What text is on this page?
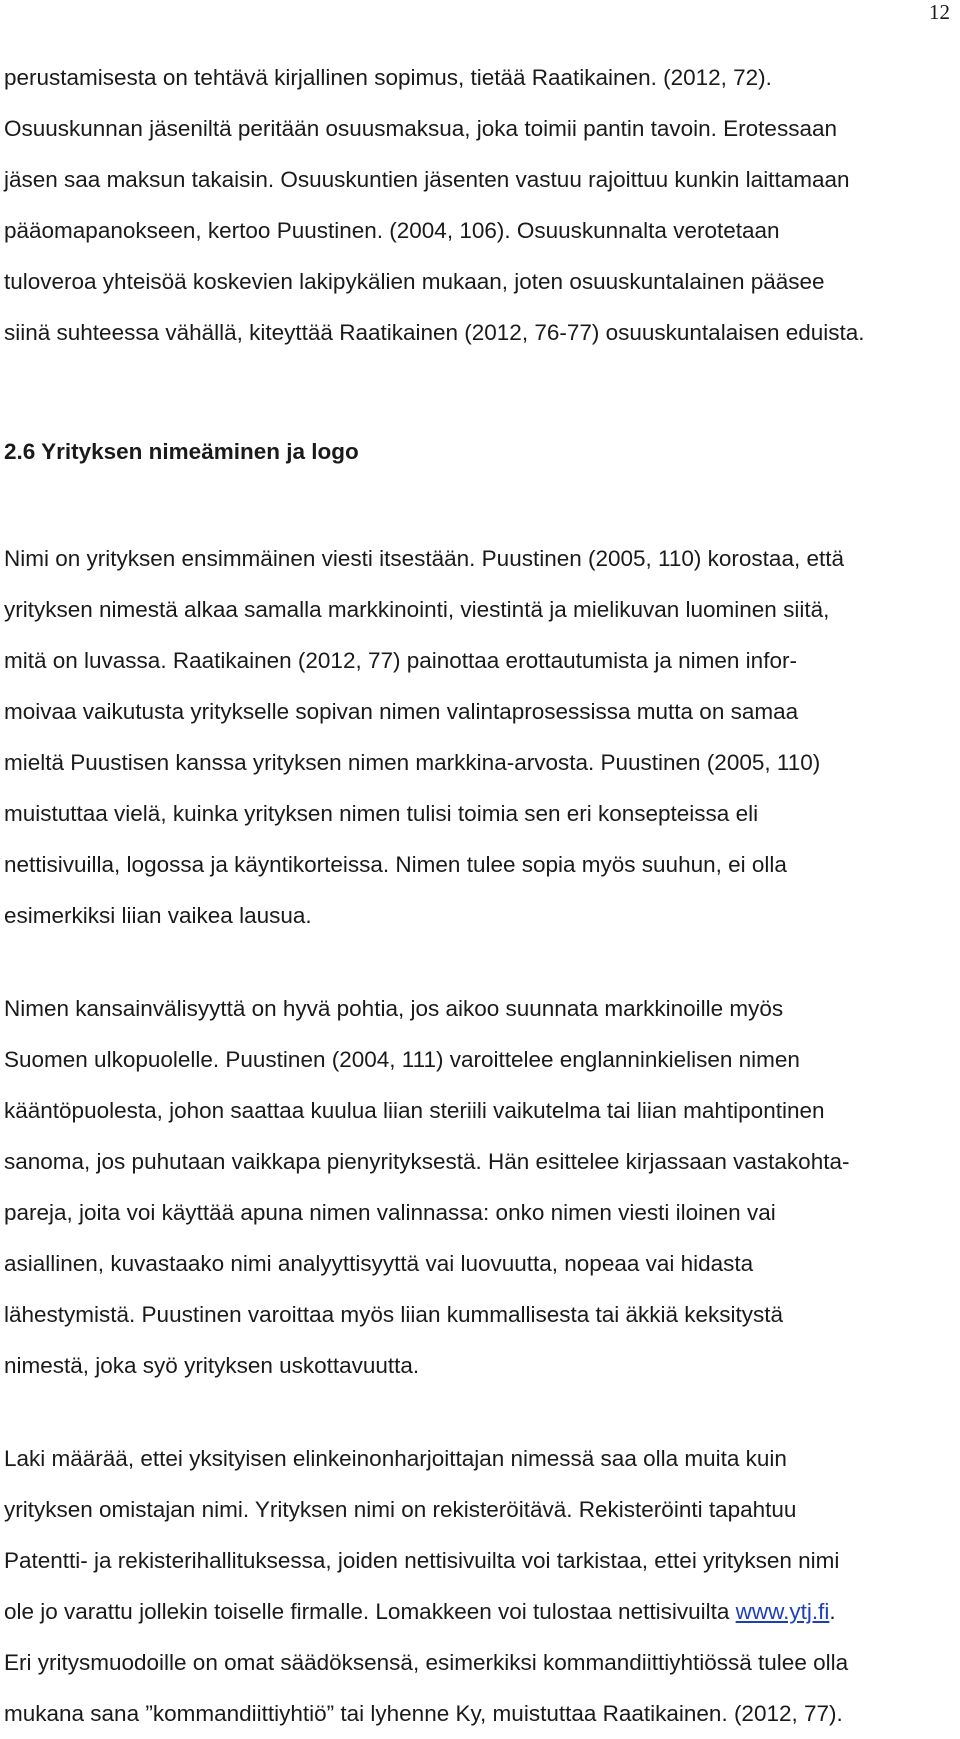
12

perustamisesta on tehtävä kirjallinen sopimus, tietää Raatikainen. (2012, 72).
Osuuskunnan jäseniltä peritään osuusmaksua, joka toimii pantin tavoin. Erotessaan
jäsen saa maksun takaisin. Osuuskuntien jäsenten vastuu rajoittuu kunkin laittamaan
pääomapanokseen, kertoo Puustinen. (2004, 106). Osuuskunnalta verotetaan
tuloveroa yhteisöä koskevien lakipykälien mukaan, joten osuuskuntalainen pääsee
siinä suhteessa vähällä, kiteyttää Raatikainen (2012, 76-77) osuuskuntalaisen eduista.

2.6 Yrityksen nimeäminen ja logo

Nimi on yrityksen ensimmäinen viesti itsestään. Puustinen (2005, 110) korostaa, että
yrityksen nimestä alkaa samalla markkinointi, viestintä ja mielikuvan luominen siitä,
mitä on luvassa. Raatikainen (2012, 77) painottaa erottautumista ja nimen infor-
moivaa vaikutusta yritykselle sopivan nimen valintaprosessissa mutta on samaa
mieltä Puustisen kanssa yrityksen nimen markkina-arvosta. Puustinen (2005, 110)
muistuttaa vielä, kuinka yrityksen nimen tulisi toimia sen eri konsepteissa eli
nettisivuilla, logossa ja käyntikorteissa. Nimen tulee sopia myös suuhun, ei olla
esimerkiksi liian vaikea lausua.

Nimen kansainvälisyyttä on hyvä pohtia, jos aikoo suunnata markkinoille myös
Suomen ulkopuolelle. Puustinen (2004, 111) varoittelee englanninkielisen nimen
kääntöpuolesta, johon saattaa kuulua liian steriili vaikutelma tai liian mahtipontinen
sanoma, jos puhutaan vaikkapa pienyrityksestä. Hän esittelee kirjassaan vastakohta-
pareja, joita voi käyttää apuna nimen valinnassa: onko nimen viesti iloinen vai
asiallinen, kuvastaako nimi analyyttisyyttä vai luovuutta, nopeaa vai hidasta
lähestymistä. Puustinen varoittaa myös liian kummallisesta tai äkkiä keksitystä
nimestä, joka syö yrityksen uskottavuutta.

Laki määrää, ettei yksityisen elinkeinonharjoittajan nimessä saa olla muita kuin
yrityksen omistajan nimi. Yrityksen nimi on rekisteröitävä. Rekisteröinti tapahtuu
Patentti- ja rekisterihallituksessa, joiden nettisivuilta voi tarkistaa, ettei yrityksen nimi
ole jo varattu jollekin toiselle firmalle. Lomakkeen voi tulostaa nettisivuilta www.ytj.fi.
Eri yritysmuodoille on omat säädöksensä, esimerkiksi kommandiittiyhtiössä tulee olla
mukana sana ”kommandiittiyhtiö” tai lyhenne Ky, muistuttaa Raatikainen. (2012, 77).
